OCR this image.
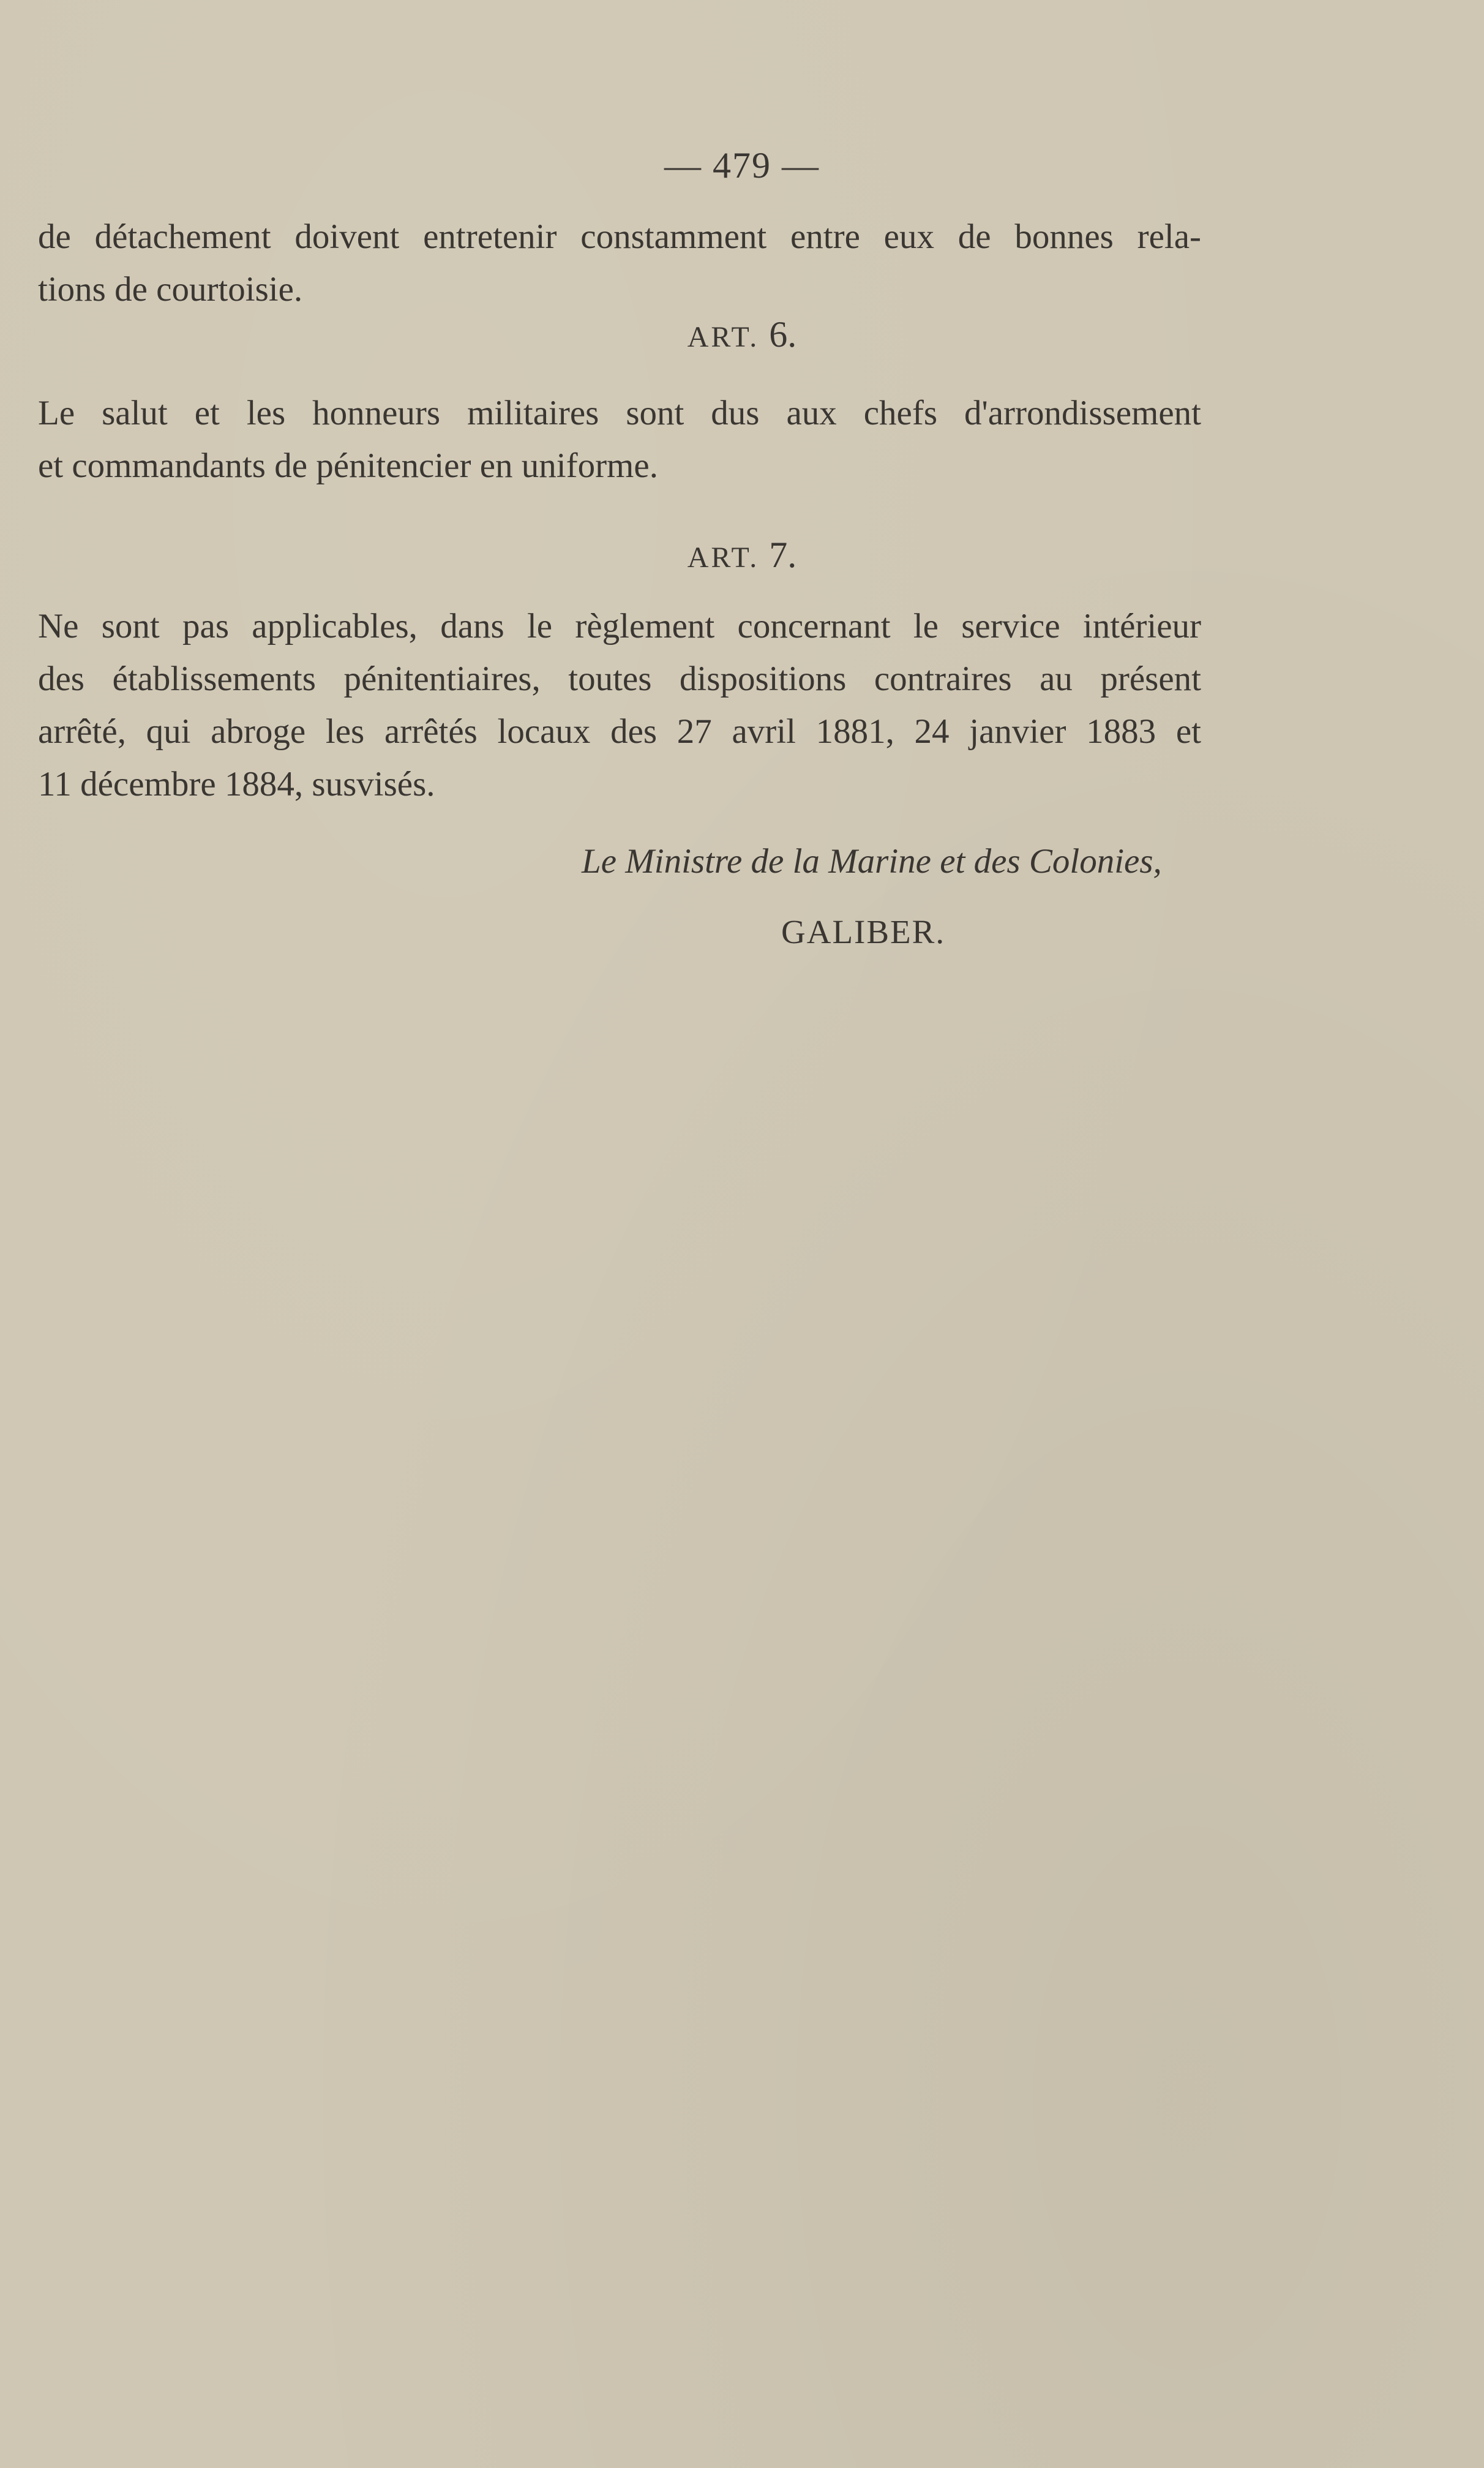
— 479 —
de détachement doivent entretenir constamment entre eux de bonnes rela-
tions de courtoisie.
ART. 6.
Le salut et les honneurs militaires sont dus aux chefs d'arrondissement
et commandants de pénitencier en uniforme.
ART. 7.
Ne sont pas applicables, dans le règlement concernant le service intérieur
des établissements pénitentiaires, toutes dispositions contraires au présent
arrêté, qui abroge les arrêtés locaux des 27 avril 1881, 24 janvier 1883 et
11 décembre 1884, susvisés.
Le Ministre de la Marine et des Colonies,
GALIBER.
